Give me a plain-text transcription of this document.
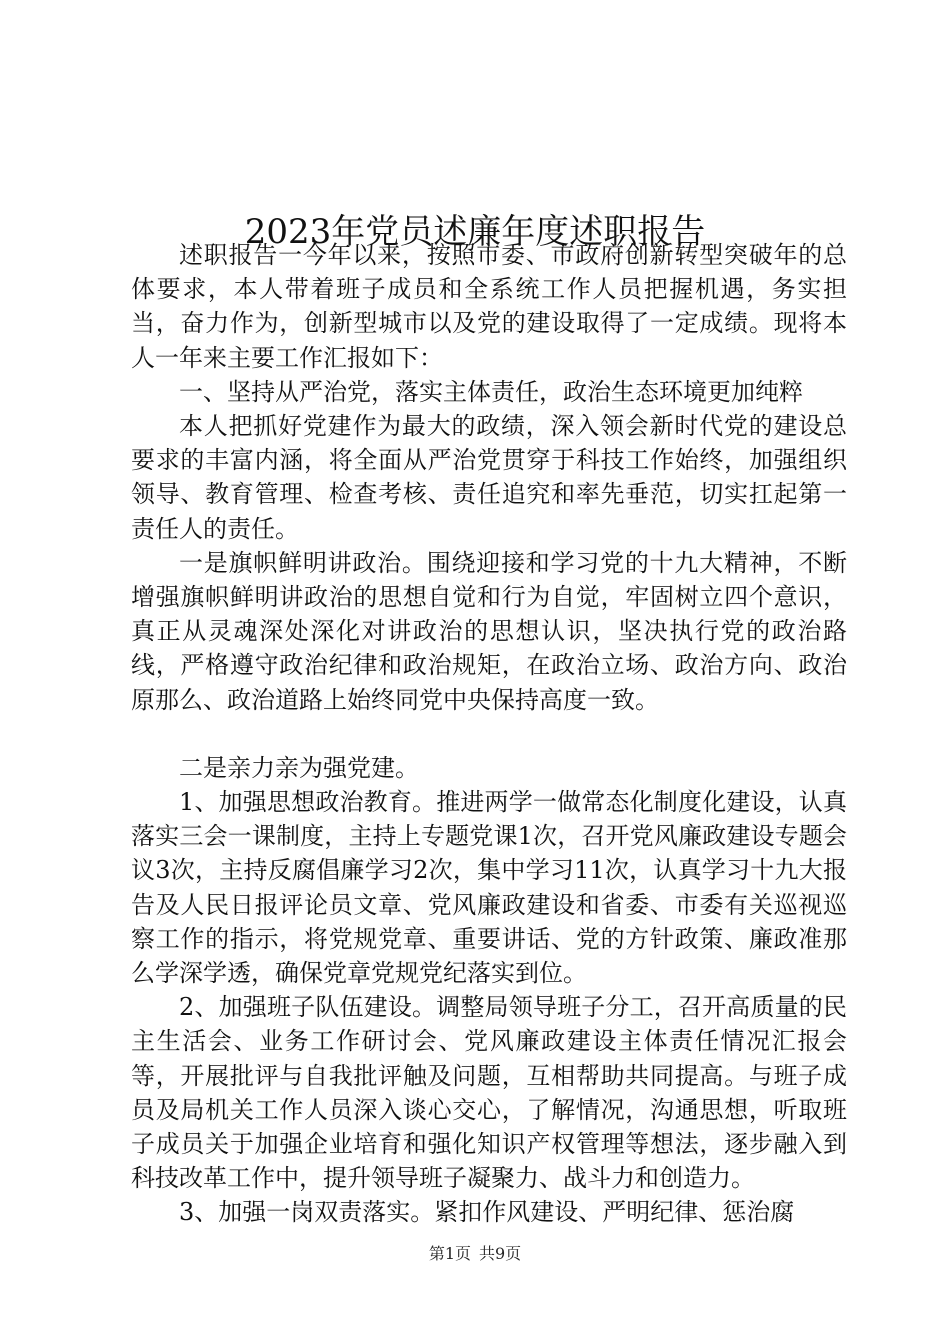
2023年党员述廉年度述职报告

述职报告一今年以来，按照市委、市政府创新转型突破年的总体要求，本人带着班子成员和全系统工作人员把握机遇，务实担当，奋力作为，创新型城市以及党的建设取得了一定成绩。现将本人一年来主要工作汇报如下：

一、坚持从严治党，落实主体责任，政治生态环境更加纯粹

本人把抓好党建作为最大的政绩，深入领会新时代党的建设总要求的丰富内涵，将全面从严治党贯穿于科技工作始终，加强组织领导、教育管理、检查考核、责任追究和率先垂范，切实扛起第一责任人的责任。

一是旗帜鲜明讲政治。围绕迎接和学习党的十九大精神，不断增强旗帜鲜明讲政治的思想自觉和行为自觉，牢固树立四个意识，真正从灵魂深处深化对讲政治的思想认识，坚决执行党的政治路线，严格遵守政治纪律和政治规矩，在政治立场、政治方向、政治原那么、政治道路上始终同党中央保持高度一致。

二是亲力亲为强党建。

1、加强思想政治教育。推进两学一做常态化制度化建设，认真落实三会一课制度，主持上专题党课1次，召开党风廉政建设专题会议3次，主持反腐倡廉学习2次，集中学习11次，认真学习十九大报告及人民日报评论员文章、党风廉政建设和省委、市委有关巡视巡察工作的指示，将党规党章、重要讲话、党的方针政策、廉政准那么学深学透，确保党章党规党纪落实到位。

2、加强班子队伍建设。调整局领导班子分工，召开高质量的民主生活会、业务工作研讨会、党风廉政建设主体责任情况汇报会等，开展批评与自我批评触及问题，互相帮助共同提高。与班子成员及局机关工作人员深入谈心交心，了解情况，沟通思想，听取班子成员关于加强企业培育和强化知识产权管理等想法，逐步融入到科技改革工作中，提升领导班子凝聚力、战斗力和创造力。

3、加强一岗双责落实。紧扣作风建设、严明纪律、惩治腐

第1页 共9页
